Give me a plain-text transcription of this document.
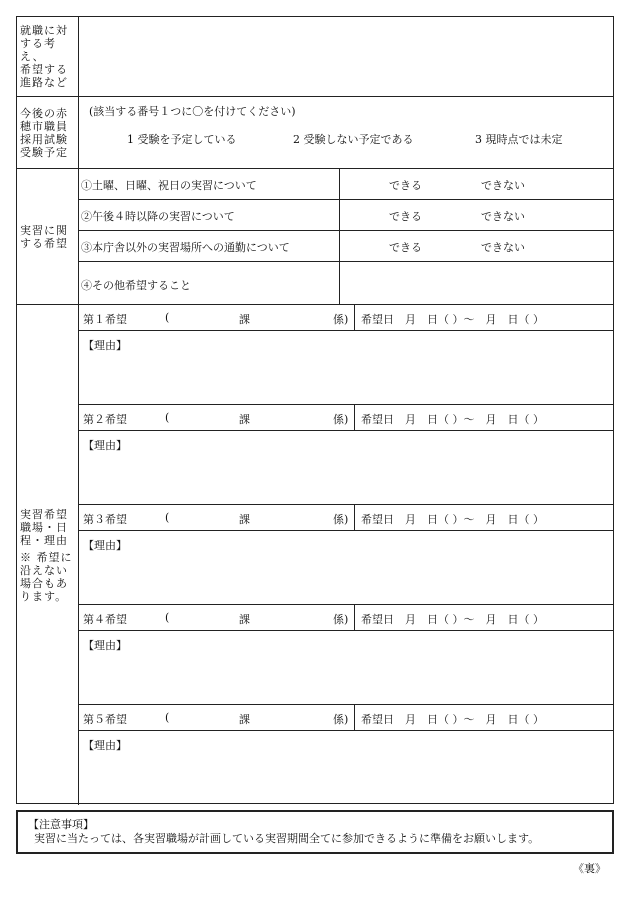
就職に対
する考え、
希望する
進路など
今後の赤
穂市職員
採用試験
受験予定
(該当する番号１つに〇を付けてください)
1 受験を予定している	2 受験しない予定である	3 現時点では未定
実習に関
する希望
①土曜、日曜、祝日の実習について	できる	できない
②午後４時以降の実習について	できる	できない
③本庁舎以外の実習場所への通勤について	できる	できない
④その他希望すること
実習希望
職場・日
程・理由
※ 希望に
沿えない
場合もあ
ります。
第１希望	(	課	係) 希望日　月　日（ ）～　月　日（ ）
【理由】
第２希望	(	課	係) 希望日　月　日（ ）～　月　日（ ）
【理由】
第３希望	(	課	係) 希望日　月　日（ ）～　月　日（ ）
【理由】
第４希望	(	課	係) 希望日　月　日（ ）～　月　日（ ）
【理由】
第５希望	(	課	係) 希望日　月　日（ ）～　月　日（ ）
【理由】
【注意事項】
実習に当たっては、各実習職場が計画している実習期間全てに参加できるように準備をお願いします。
《裏》
